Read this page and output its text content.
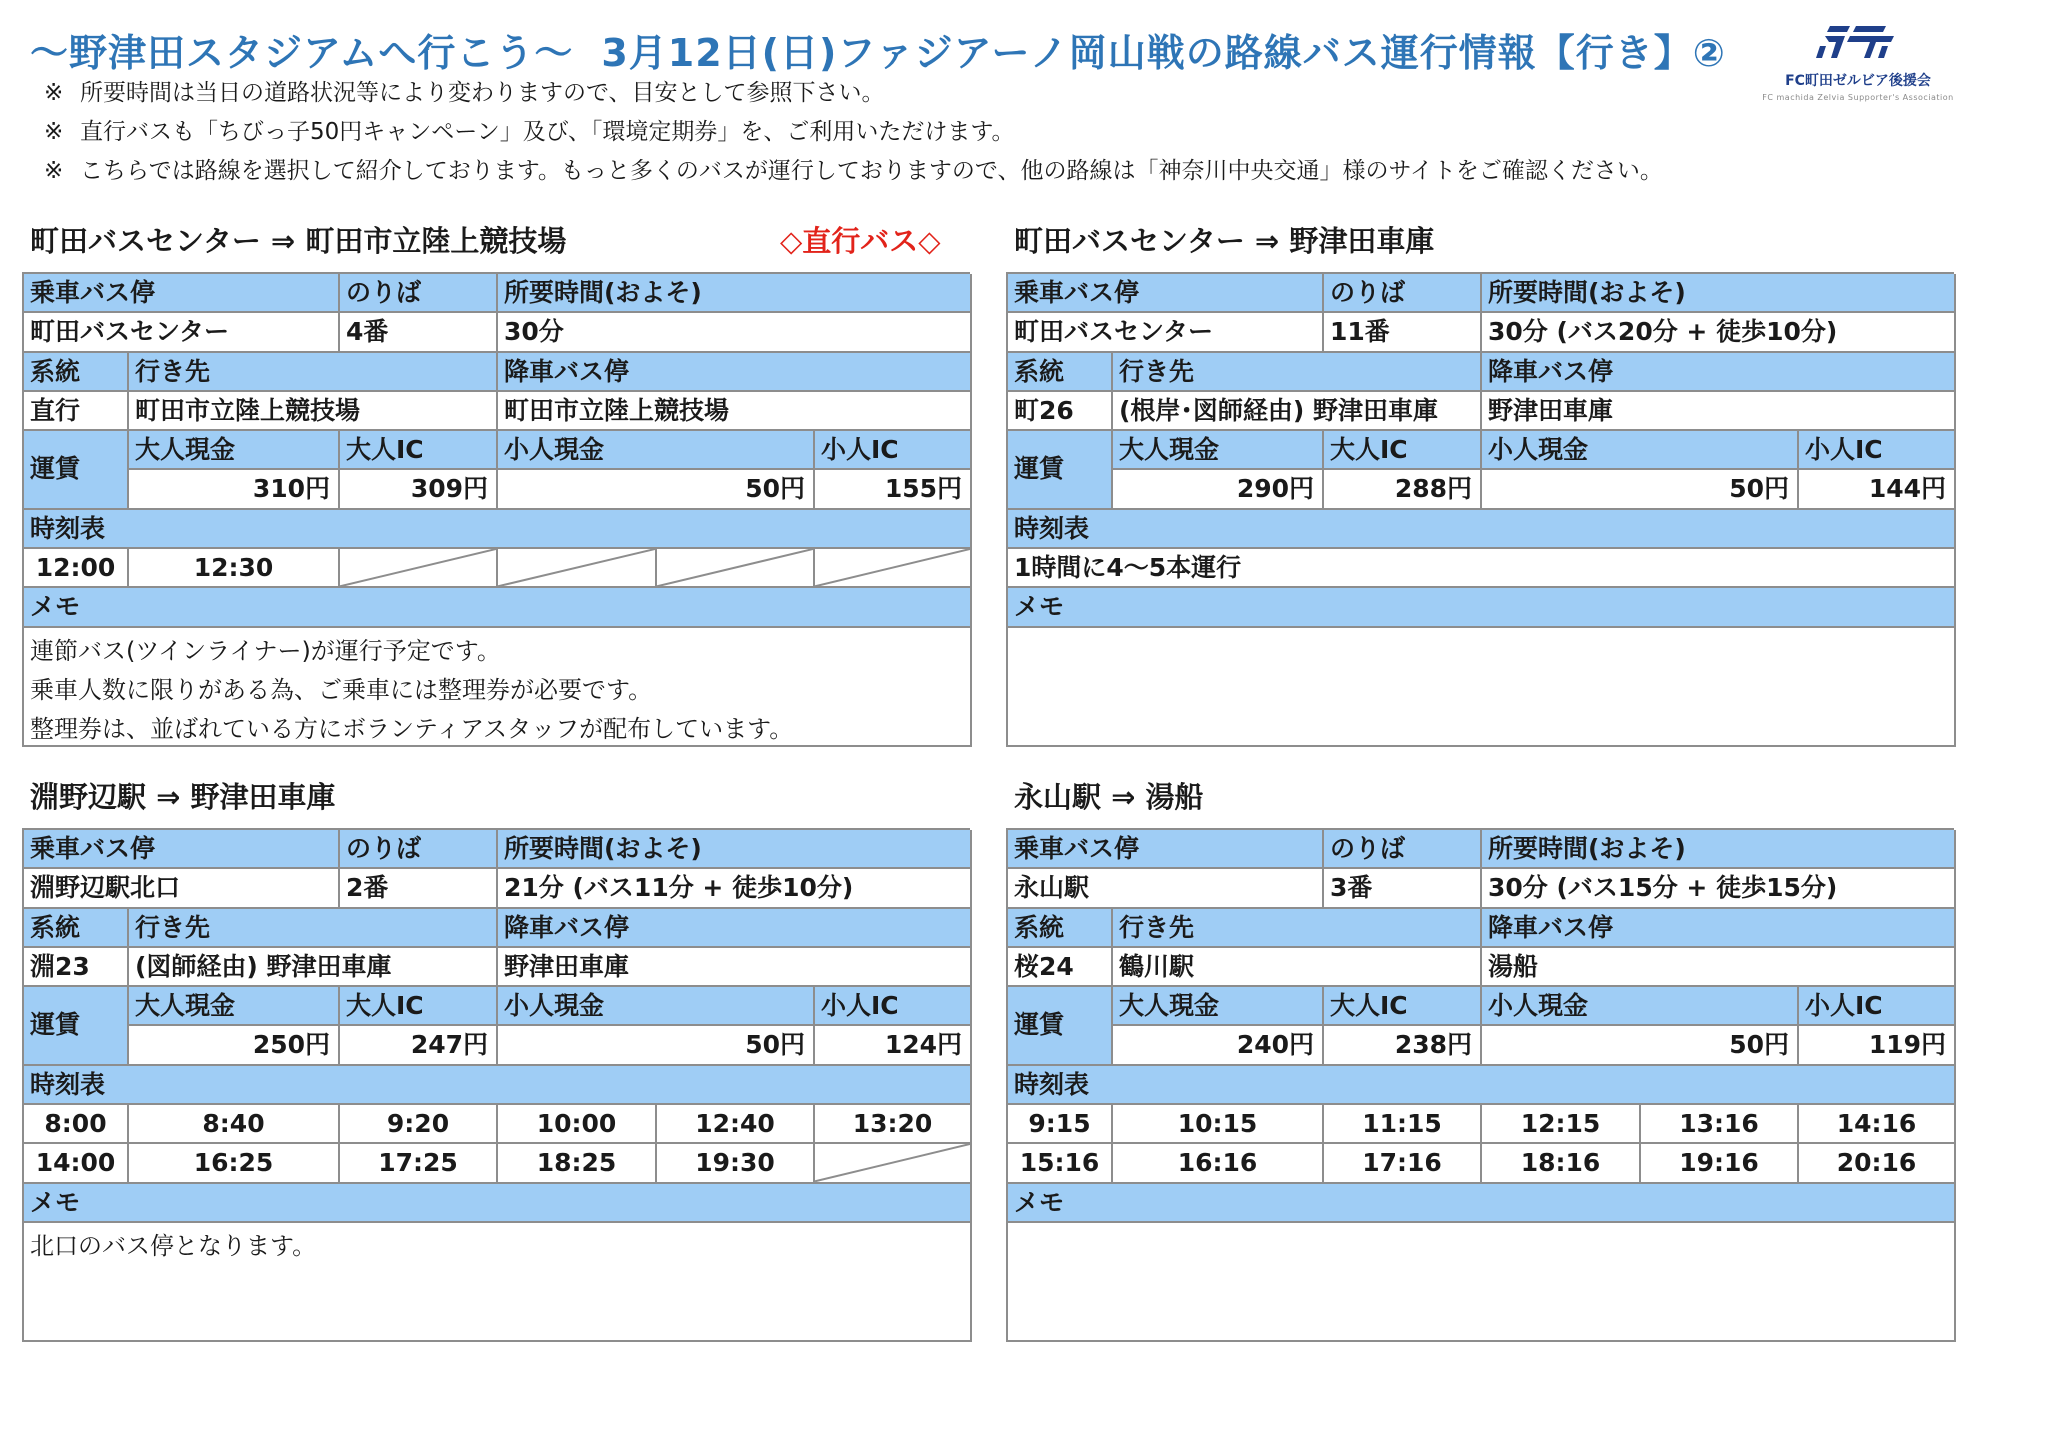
〜野津田スタジアムへ行こう〜 3月12日(日)ファジアーノ岡山戦の路線バス運行情報【行き】②
※ 所要時間は当日の道路状況等により変わりますので、目安として参照下さい。
※ 直行バスも「ちびっ子50円キャンペーン」及び、「環境定期券」を、ご利用いただけます。
※ こちらでは路線を選択して紹介しております。もっと多くのバスが運行しておりますので、他の路線は「神奈川中央交通」様のサイトをご確認ください。
FC町田ゼルビア後援会
FC machida Zelvia Supporter's Association
町田バスセンター ⇒ 町田市立陸上競技場	◇直行バス◇
乗車バス停	のりば	所要時間(およそ)
町田バスセンター	4番	30分
系統	行き先	降車バス停
直行	町田市立陸上競技場	町田市立陸上競技場
運賃
大人現金	大人IC	小人現金	小人IC
310円	309円	50円	155円
時刻表
12:00	12:30
メモ
連節バス(ツインライナー)が運行予定です。
乗車人数に限りがある為、ご乗車には整理券が必要です。
整理券は、並ばれている方にボランティアスタッフが配布しています。
町田バスセンター ⇒ 野津田車庫
乗車バス停	のりば	所要時間(およそ)
町田バスセンター	11番	30分 (バス20分 + 徒歩10分)
系統	行き先	降車バス停
町26	(根岸･図師経由) 野津田車庫	野津田車庫
運賃
大人現金	大人IC	小人現金	小人IC
290円	288円	50円	144円
時刻表
1時間に4〜5本運行
メモ
淵野辺駅 ⇒ 野津田車庫
乗車バス停	のりば	所要時間(およそ)
淵野辺駅北口	2番	21分 (バス11分 + 徒歩10分)
系統	行き先	降車バス停
淵23	(図師経由) 野津田車庫	野津田車庫
運賃
大人現金	大人IC	小人現金	小人IC
250円	247円	50円	124円
時刻表
8:00	8:40	9:20	10:00	12:40	13:20
14:00	16:25	17:25	18:25	19:30
メモ
北口のバス停となります。
永山駅 ⇒ 湯船
乗車バス停	のりば	所要時間(およそ)
永山駅	3番	30分 (バス15分 + 徒歩15分)
系統	行き先	降車バス停
桜24	鶴川駅	湯船
運賃
大人現金	大人IC	小人現金	小人IC
240円	238円	50円	119円
時刻表
9:15	10:15	11:15	12:15	13:16	14:16
15:16	16:16	17:16	18:16	19:16	20:16
メモ
